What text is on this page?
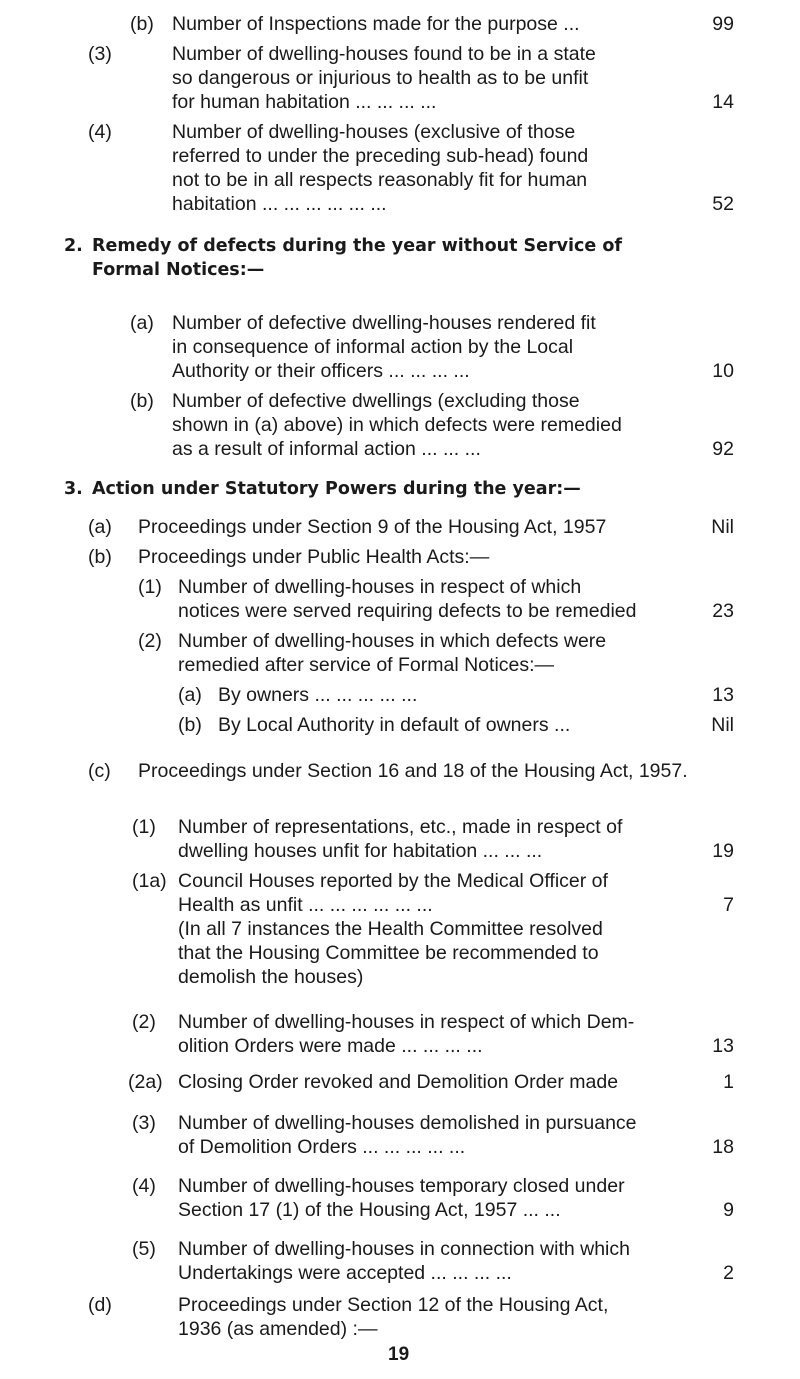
(b) Number of Inspections made for the purpose ...	99
(3)	Number of dwelling-houses found to be in a state
so dangerous or injurious to health as to be unfit
for human habitation ... ... ... ...	14
(4)	Number of dwelling-houses (exclusive of those
referred to under the preceding sub-head) found
not to be in all respects reasonably fit for human
habitation ... ... ... ... ... ...	52
2. Remedy of defects during the year without Service of
Formal Notices:—
(a) Number of defective dwelling-houses rendered fit
in consequence of informal action by the Local
Authority or their officers ... ... ... ...	10
(b) Number of defective dwellings (excluding those
shown in (a) above) in which defects were remedied
as a result of informal action ... ... ...	92
3. Action under Statutory Powers during the year:—
(a) Proceedings under Section 9 of the Housing Act, 1957	Nil
(b) Proceedings under Public Health Acts:—
(1) Number of dwelling-houses in respect of which
notices were served requiring defects to be remedied	23
(2) Number of dwelling-houses in which defects were
remedied after service of Formal Notices:—
(a) By owners ... ... ... ... ...	13
(b) By Local Authority in default of owners ...	Nil
(c) Proceedings under Section 16 and 18 of the Housing Act, 1957.
(1) Number of representations, etc., made in respect of
dwelling houses unfit for habitation ... ... ...	19
(1a) Council Houses reported by the Medical Officer of
Health as unfit ... ... ... ... ... ...	7
(In all 7 instances the Health Committee resolved
that the Housing Committee be recommended to
demolish the houses)
(2) Number of dwelling-houses in respect of which Dem-
olition Orders were made ... ... ... ...	13
(2a) Closing Order revoked and Demolition Order made	1
(3) Number of dwelling-houses demolished in pursuance
of Demolition Orders ... ... ... ... ...	18
(4) Number of dwelling-houses temporary closed under
Section 17 (1) of the Housing Act, 1957 ... ...	9
(5) Number of dwelling-houses in connection with which
Undertakings were accepted ... ... ... ...	2
(d)	Proceedings under Section 12 of the Housing Act,
1936 (as amended) :—
19
